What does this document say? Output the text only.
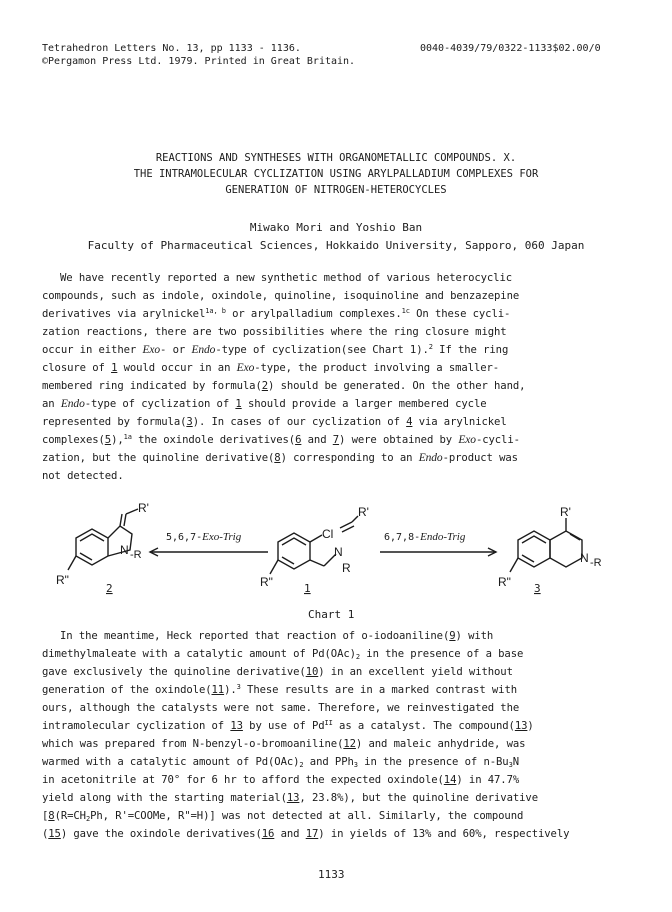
Tetrahedron Letters No. 13, pp 1133 - 1136.
©Pergamon Press Ltd. 1979. Printed in Great Britain.
0040-4039/79/0322-1133$02.00/0
REACTIONS AND SYNTHESES WITH ORGANOMETALLIC COMPOUNDS. X.
THE INTRAMOLECULAR CYCLIZATION USING ARYLPALLADIUM COMPLEXES FOR
GENERATION OF NITROGEN-HETEROCYCLES
Miwako Mori and Yoshio Ban
Faculty of Pharmaceutical Sciences, Hokkaido University, Sapporo, 060 Japan
We have recently reported a new synthetic method of various heterocyclic
compounds, such as indole, oxindole, quinoline, isoquinoline and benzazepine
derivatives via arylnickel$^{1a, b}$ or arylpalladium complexes.$^{1c}$ On these cycli-
zation reactions, there are two possibilities where the ring closure might
occur in either Exo- or Endo-type of cyclization(see Chart 1).$^2$ If the ring
closure of 1 would occur in an Exo-type, the product involving a smaller-
membered ring indicated by formula(2) should be generated. On the other hand,
an Endo-type of cyclization of 1 should provide a larger membered cycle
represented by formula(3). In cases of our cyclization of 4 via arylnickel
complexes(5),$^{1a}$ the oxindole derivatives(6 and 7) were obtained by Exo-cycli-
zation, but the quinoline derivative(8) corresponding to an Endo-product was
not detected.
R'
N -R
R"
Cl
R'
N
R
R"
R'
N -R
R"
5,6,7-Exo-Trig	6,7,8-Endo-Trig
2	1	3
Chart 1
In the meantime, Heck reported that reaction of o-iodoaniline(9) with
dimethylmaleate with a catalytic amount of $Pd(OAc)_2$ in the presence of a base
gave exclusively the quinoline derivative(10) in an excellent yield without
generation of the oxindole(11).$^3$ These results are in a marked contrast with
ours, although the catalysts were not same. Therefore, we reinvestigated the
intramolecular cyclization of 13 by use of $Pd^{II}$ as a catalyst. The compound(13)
which was prepared from N-benzyl-o-bromoaniline(12) and maleic anhydride, was
warmed with a catalytic amount of $Pd(OAc)_2$ and PPh$_3$ in the presence of $n-Bu_3N$
in acetonitrile at 70° for 6 hr to afford the expected oxindole(14) in 47.7%
yield along with the starting material(13, 23.8%), but the quinoline derivative
[$8(R=CH_2Ph$, R'=COOMe, R"=H)] was not detected at all. Similarly, the compound
(15) gave the oxindole derivatives(16 and 17) in yields of 13% and 60%, respectively
1133
